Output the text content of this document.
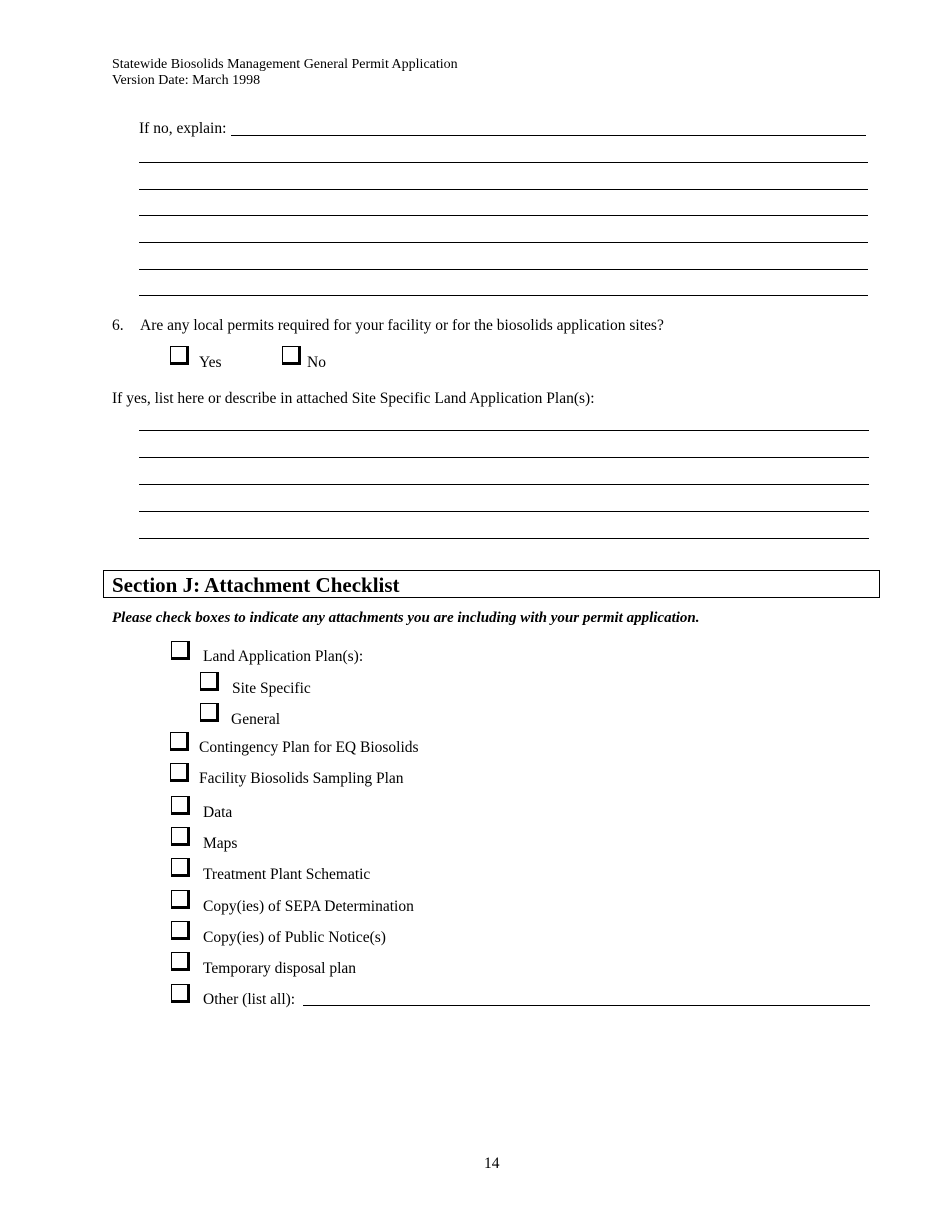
Statewide Biosolids Management General Permit Application
Version Date: March 1998
If no, explain:
6. Are any local permits required for your facility or for the biosolids application sites?
Yes	No
If yes, list here or describe in attached Site Specific Land Application Plan(s):
Section J: Attachment Checklist
Please check boxes to indicate any attachments you are including with your permit application.
Land Application Plan(s):
Site Specific
General
Contingency Plan for EQ Biosolids
Facility Biosolids Sampling Plan
Data
Maps
Treatment Plant Schematic
Copy(ies) of SEPA Determination
Copy(ies) of Public Notice(s)
Temporary disposal plan
Other (list all):
14
